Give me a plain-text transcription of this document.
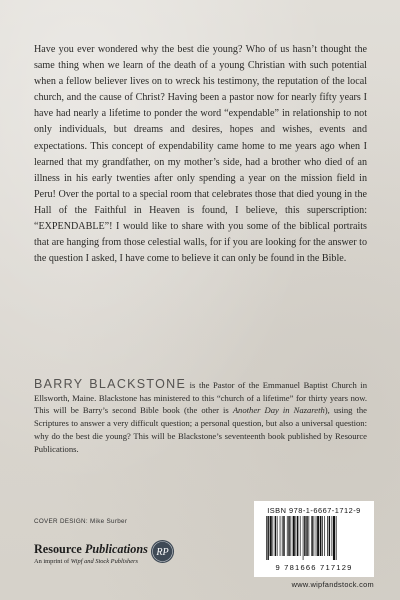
Have you ever wondered why the best die young? Who of us hasn’t thought the same thing when we learn of the death of a young Christian with such potential when a fellow believer lives on to wreck his testimony, the reputation of the local church, and the cause of Christ? Having been a pastor now for nearly fifty years I have had nearly a lifetime to ponder the word “expendable” in relationship to not only individuals, but dreams and desires, hopes and wishes, events and expectations. This concept of expendability came home to me years ago when I learned that my grandfather, on my mother’s side, had a brother who died of an illness in his early twenties after only spending a year on the mission field in Peru! Over the portal to a special room that celebrates those that died young in the Hall of the Faithful in Heaven is found, I believe, this superscription: “EXPENDABLE”! I would like to share with you some of the biblical portraits that are hanging from those celestial walls, for if you are looking for the answer to the question I asked, I have come to believe it can only be found in the Bible.

BARRY BLACKSTONE is the Pastor of the Emmanuel Baptist Church in Ellsworth, Maine. Blackstone has ministered to this “church of a lifetime” for thirty years now. This will be Barry’s second Bible book (the other is Another Day in Nazareth), using the Scriptures to answer a very difficult question; a personal question, but also a universal question: why do the best die young? This will be Blackstone’s seventeenth book published by Resource Publications.

COVER DESIGN: Mike Surber
Resource Publications
An imprint of Wipf and Stock Publishers
RP
ISBN 978-1-6667-1712-9
9 781666 717129
www.wipfandstock.com
